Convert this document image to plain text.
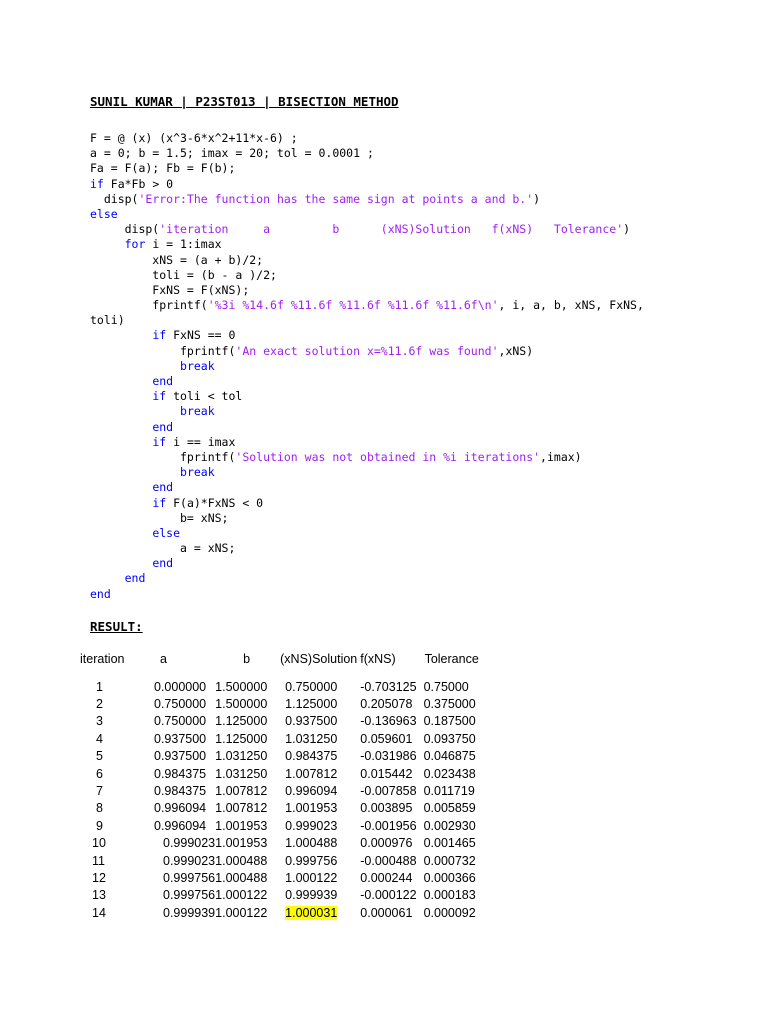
SUNIL KUMAR | P23ST013 | BISECTION METHOD
F = @ (x) (x^3-6*x^2+11*x-6) ;
a = 0; b = 1.5; imax = 20; tol = 0.0001 ;
Fa = F(a); Fb = F(b);
if Fa*Fb > 0
disp('Error:The function has the same sign at points a and b.')
else
disp('iteration     a         b      (xNS)Solution   f(xNS)   Tolerance')
for i = 1:imax
xNS = (a + b)/2;
toli = (b - a )/2;
FxNS = F(xNS);
fprintf('%3i %14.6f %11.6f %11.6f %11.6f %11.6f\n', i, a, b, xNS, FxNS,
toli)
if FxNS == 0
fprintf('An exact solution x=%11.6f was found',xNS)
break
end
if toli < tol
break
end
if i == imax
fprintf('Solution was not obtained in %i iterations',imax)
break
end
if F(a)*FxNS < 0
b= xNS;
else
a = xNS;
end
end
end
RESULT:
iteration	a	b	(xNS)Solution	f(xNS)	Tolerance

1	0.000000	1.500000	0.750000	-0.703125	0.75000
2	0.750000	1.500000	1.125000	0.205078	0.375000
3	0.750000	1.125000	0.937500	-0.136963	0.187500
4	0.937500	1.125000	1.031250	0.059601	0.093750
5	0.937500	1.031250	0.984375	-0.031986	0.046875
6	0.984375	1.031250	1.007812	0.015442	0.023438
7	0.984375	1.007812	0.996094	-0.007858	0.011719
8	0.996094	1.007812	1.001953	0.003895	0.005859
9	0.996094	1.001953	0.999023	-0.001956	0.002930
10	0.999023	1.001953	1.000488	0.000976	0.001465
11	0.999023	1.000488	0.999756	-0.000488	0.000732
12	0.999756	1.000488	1.000122	0.000244	0.000366
13	0.999756	1.000122	0.999939	-0.000122	0.000183
14	0.999939	1.000122	1.000031	0.000061	0.000092
